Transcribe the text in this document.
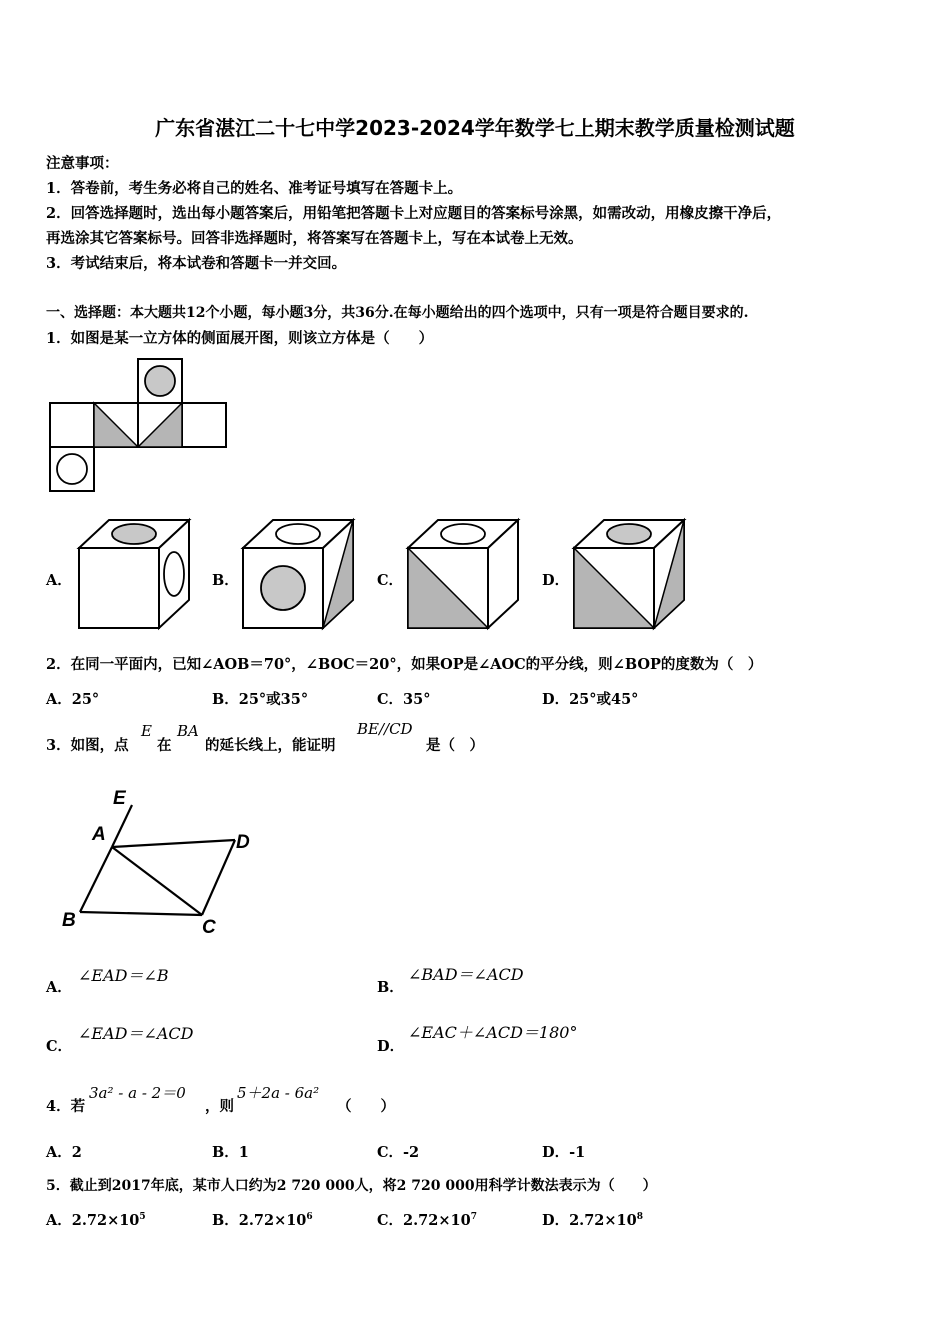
广东省湛江二十七中学2023-2024学年数学七上期末教学质量检测试题
注意事项：
1．答卷前，考生务必将自己的姓名、准考证号填写在答题卡上。
2．回答选择题时，选出每小题答案后，用铅笔把答题卡上对应题目的答案标号涂黑，如需改动，用橡皮擦干净后，
再选涂其它答案标号。回答非选择题时，将答案写在答题卡上，写在本试卷上无效。
3．考试结束后，将本试卷和答题卡一并交回。
一、选择题：本大题共12个小题，每小题3分，共36分.在每小题给出的四个选项中，只有一项是符合题目要求的.
1．如图是某一立方体的侧面展开图，则该立方体是（　　）
A．	B．	C．	D．
2．在同一平面内，已知∠AOB＝70°，∠BOC＝20°，如果OP是∠AOC的平分线，则∠BOP的度数为（　）
A．25°	B．25°或35°	C．35°	D．25°或45°
3．如图，点
E
在
BA
的延长线上，能证明
BE//CD
是（　）
E
A	D
B	C
A．
∠EAD＝∠B
B．
∠BAD＝∠ACD
C．
∠EAD＝∠ACD
D．
∠EAC＋∠ACD＝180°
4．若
3a² - a - 2＝0
，则
5＋2a - 6a²
（　　）
A．2	B．1	C．-2	D．-1
5．截止到2017年底，某市人口约为2 720 000人，将2 720 000用科学计数法表示为（　　）
A．$2.72\times 10^5$	B．$2.72\times 10^6$	C．$2.72\times 10^7$	D．$2.72\times 10^8$
